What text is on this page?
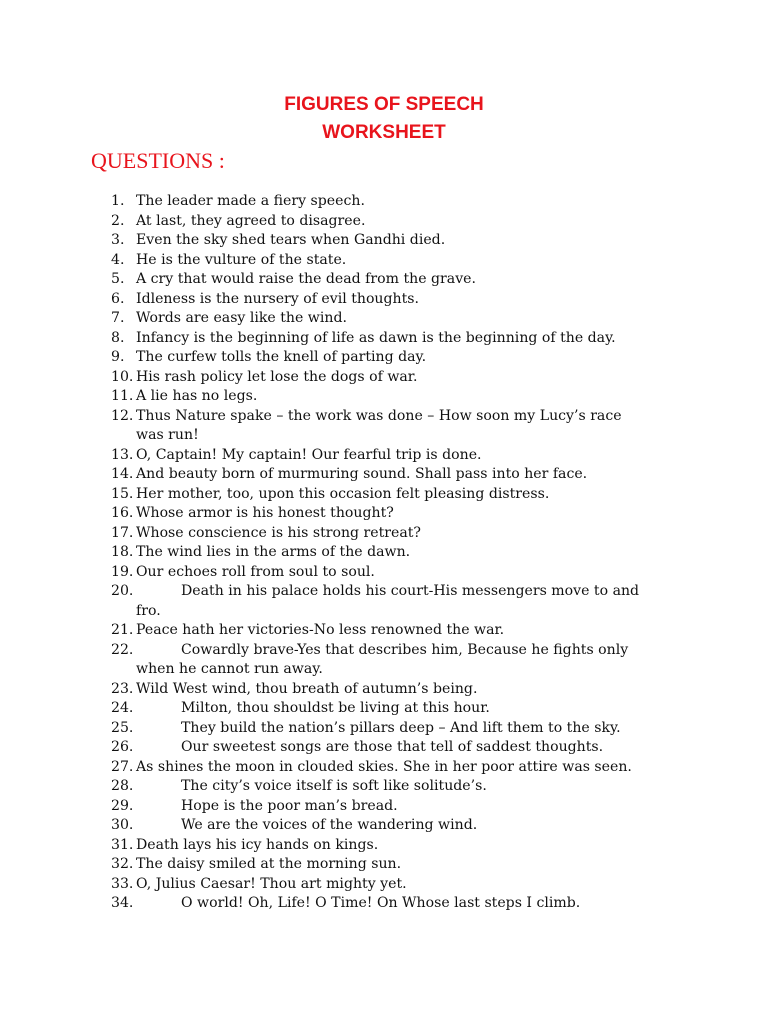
FIGURES OF SPEECH
WORKSHEET
QUESTIONS :
1. The leader made a fiery speech.
2. At last, they agreed to disagree.
3. Even the sky shed tears when Gandhi died.
4. He is the vulture of the state.
5. A cry that would raise the dead from the grave.
6. Idleness is the nursery of evil thoughts.
7. Words are easy like the wind.
8. Infancy is the beginning of life as dawn is the beginning of the day.
9. The curfew tolls the knell of parting day.
10. His rash policy let lose the dogs of war.
11. A lie has no legs.
12. Thus Nature spake – the work was done – How soon my Lucy’s race
was run!
13. O, Captain! My captain! Our fearful trip is done.
14. And beauty born of murmuring sound. Shall pass into her face.
15. Her mother, too, upon this occasion felt pleasing distress.
16. Whose armor is his honest thought?
17. Whose conscience is his strong retreat?
18. The wind lies in the arms of the dawn.
19. Our echoes roll from soul to soul.
20.	Death in his palace holds his court-His messengers move to and
fro.
21. Peace hath her victories-No less renowned the war.
22.	Cowardly brave-Yes that describes him, Because he fights only
when he cannot run away.
23. Wild West wind, thou breath of autumn’s being.
24.	Milton, thou shouldst be living at this hour.
25.	They build the nation’s pillars deep – And lift them to the sky.
26.	Our sweetest songs are those that tell of saddest thoughts.
27. As shines the moon in clouded skies. She in her poor attire was seen.
28.	The city’s voice itself is soft like solitude’s.
29.	Hope is the poor man’s bread.
30.	We are the voices of the wandering wind.
31. Death lays his icy hands on kings.
32. The daisy smiled at the morning sun.
33. O, Julius Caesar! Thou art mighty yet.
34.	O world! Oh, Life! O Time! On Whose last steps I climb.
